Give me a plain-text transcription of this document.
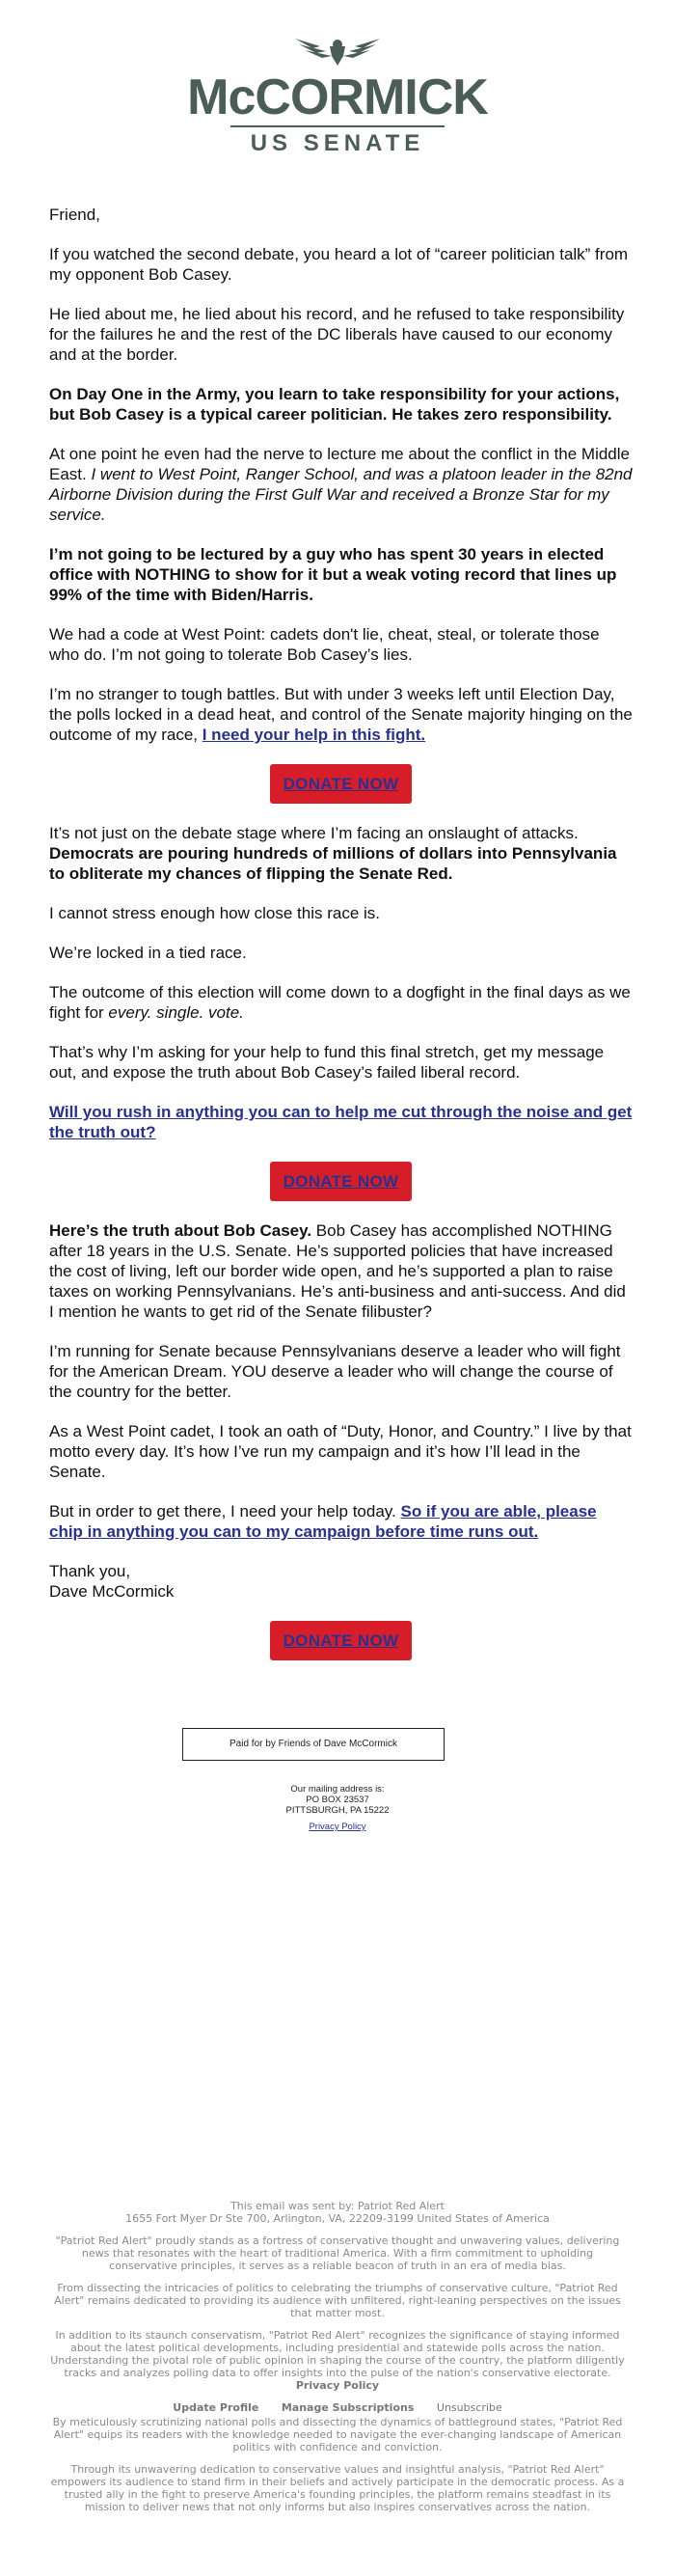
McCORMICK
US SENATE

Friend,

If you watched the second debate, you heard a lot of “career politician talk” from my opponent Bob Casey.

He lied about me, he lied about his record, and he refused to take responsibility for the failures he and the rest of the DC liberals have caused to our economy and at the border.

On Day One in the Army, you learn to take responsibility for your actions, but Bob Casey is a typical career politician. He takes zero responsibility.

At one point he even had the nerve to lecture me about the conflict in the Middle East. I went to West Point, Ranger School, and was a platoon leader in the 82nd Airborne Division during the First Gulf War and received a Bronze Star for my service.

I’m not going to be lectured by a guy who has spent 30 years in elected office with NOTHING to show for it but a weak voting record that lines up 99% of the time with Biden/Harris.

We had a code at West Point: cadets don't lie, cheat, steal, or tolerate those who do. I’m not going to tolerate Bob Casey’s lies.

I’m no stranger to tough battles. But with under 3 weeks left until Election Day, the polls locked in a dead heat, and control of the Senate majority hinging on the outcome of my race, I need your help in this fight.

DONATE NOW

It’s not just on the debate stage where I’m facing an onslaught of attacks. Democrats are pouring hundreds of millions of dollars into Pennsylvania to obliterate my chances of flipping the Senate Red.

I cannot stress enough how close this race is.

We’re locked in a tied race.

The outcome of this election will come down to a dogfight in the final days as we fight for every. single. vote.

That’s why I’m asking for your help to fund this final stretch, get my message out, and expose the truth about Bob Casey’s failed liberal record.

Will you rush in anything you can to help me cut through the noise and get the truth out?

DONATE NOW

Here’s the truth about Bob Casey. Bob Casey has accomplished NOTHING after 18 years in the U.S. Senate. He’s supported policies that have increased the cost of living, left our border wide open, and he’s supported a plan to raise taxes on working Pennsylvanians. He’s anti-business and anti-success. And did I mention he wants to get rid of the Senate filibuster?

I’m running for Senate because Pennsylvanians deserve a leader who will fight for the American Dream. YOU deserve a leader who will change the course of the country for the better.

As a West Point cadet, I took an oath of “Duty, Honor, and Country.” I live by that motto every day. It’s how I’ve run my campaign and it’s how I’ll lead in the Senate.

But in order to get there, I need your help today. So if you are able, please chip in anything you can to my campaign before time runs out.

Thank you,
Dave McCormick

DONATE NOW
Paid for by Friends of Dave McCormick
Our mailing address is:
PO BOX 23537
PITTSBURGH, PA 15222
Privacy Policy
This email was sent by: Patriot Red Alert

1655 Fort Myer Dr Ste 700, Arlington, VA, 22209-3199 United States of America

"Patriot Red Alert" proudly stands as a fortress of conservative thought and unwavering values, delivering news that resonates with the heart of traditional America. With a firm commitment to upholding conservative principles, it serves as a reliable beacon of truth in an era of media bias.

From dissecting the intricacies of politics to celebrating the triumphs of conservative culture, "Patriot Red Alert" remains dedicated to providing its audience with unfiltered, right-leaning perspectives on the issues that matter most.

In addition to its staunch conservatism, "Patriot Red Alert" recognizes the significance of staying informed about the latest political developments, including presidential and statewide polls across the nation. Understanding the pivotal role of public opinion in shaping the course of the country, the platform diligently tracks and analyzes polling data to offer insights into the pulse of the nation's conservative electorate.
Privacy Policy
Update Profile Manage Subscriptions Unsubscribe

By meticulously scrutinizing national polls and dissecting the dynamics of battleground states, "Patriot Red Alert" equips its readers with the knowledge needed to navigate the ever-changing landscape of American politics with confidence and conviction.

Through its unwavering dedication to conservative values and insightful analysis, "Patriot Red Alert" empowers its audience to stand firm in their beliefs and actively participate in the democratic process. As a trusted ally in the fight to preserve America's founding principles, the platform remains steadfast in its mission to deliver news that not only informs but also inspires conservatives across the nation.
